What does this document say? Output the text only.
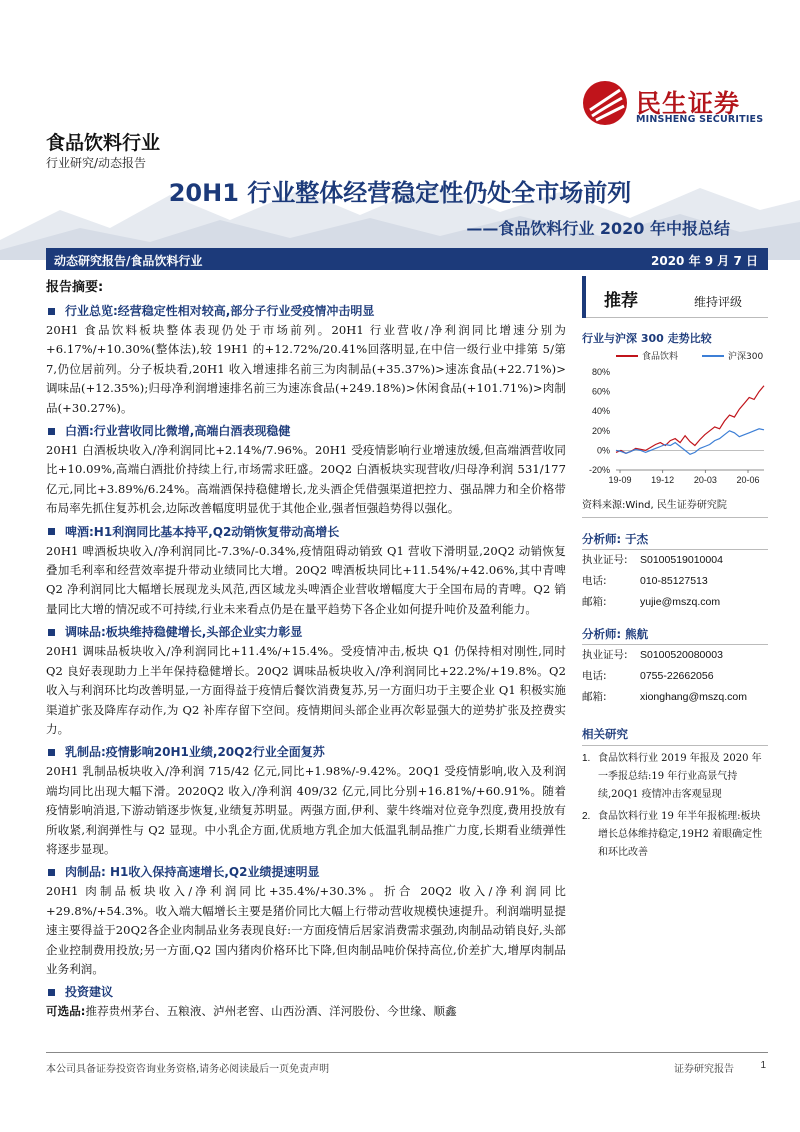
民生证券
MINSHENG SECURITIES
食品饮料行业
行业研究/动态报告
20H1 行业整体经营稳定性仍处全市场前列
——食品饮料行业 2020 年中报总结
动态研究报告/食品饮料行业	2020 年 9 月 7 日
报告摘要:
行业总览:经营稳定性相对较高,部分子行业受疫情冲击明显
20H1 食品饮料板块整体表现仍处于市场前列。20H1 行业营收/净利润同比增速分别为+6.17%/+10.30%(整体法),较 19H1 的+12.72%/20.41%回落明显,在中信一级行业中排第 5/第 7,仍位居前列。分子板块看,20H1 收入增速排名前三为肉制品(+35.37%)>速冻食品(+22.71%)>调味品(+12.35%);归母净利润增速排名前三为速冻食品(+249.18%)>休闲食品(+101.71%)>肉制品(+30.27%)。
白酒:行业营收同比微增,高端白酒表现稳健
20H1 白酒板块收入/净利润同比+2.14%/7.96%。20H1 受疫情影响行业增速放缓,但高端酒营收同比+10.09%,高端白酒批价持续上行,市场需求旺盛。20Q2 白酒板块实现营收/归母净利润 531/177 亿元,同比+3.89%/6.24%。高端酒保持稳健增长,龙头酒企凭借强渠道把控力、强品牌力和全价格带布局率先抓住复苏机会,边际改善幅度明显优于其他企业,强者恒强趋势得以强化。
啤酒:H1利润同比基本持平,Q2动销恢复带动高增长
20H1 啤酒板块收入/净利润同比-7.3%/-0.34%,疫情阻碍动销致 Q1 营收下滑明显,20Q2 动销恢复叠加毛利率和经营效率提升带动业绩同比大增。20Q2 啤酒板块同比+11.54%/+42.06%,其中青啤 Q2 净利润同比大幅增长展现龙头风范,西区域龙头啤酒企业营收增幅度大于全国布局的青啤。Q2 销量同比大增的情况或不可持续,行业未来看点仍是在量平趋势下各企业如何提升吨价及盈利能力。
调味品:板块维持稳健增长,头部企业实力彰显
20H1 调味品板块收入/净利润同比+11.4%/+15.4%。受疫情冲击,板块 Q1 仍保持相对刚性,同时 Q2 良好表现助力上半年保持稳健增长。20Q2 调味品板块收入/净利润同比+22.2%/+19.8%。Q2 收入与利润环比均改善明显,一方面得益于疫情后餐饮消费复苏,另一方面归功于主要企业 Q1 积极实施渠道扩张及降库存动作,为 Q2 补库存留下空间。疫情期间头部企业再次彰显强大的逆势扩张及控费实力。
乳制品:疫情影响20H1业绩,20Q2行业全面复苏
20H1 乳制品板块收入/净利润 715/42 亿元,同比+1.98%/-9.42%。20Q1 受疫情影响,收入及利润端均同比出现大幅下滑。2020Q2 收入/净利润 409/32 亿元,同比分别+16.81%/+60.91%。随着疫情影响消退,下游动销逐步恢复,业绩复苏明显。两强方面,伊利、蒙牛终端对位竞争烈度,费用投放有所收紧,利润弹性与 Q2 显现。中小乳企方面,优质地方乳企加大低温乳制品推广力度,长期看业绩弹性将逐步显现。
肉制品: H1收入保持高速增长,Q2业绩提速明显
20H1 肉制品板块收入/净利润同比+35.4%/+30.3%。折合 20Q2 收入/净利润同比+29.8%/+54.3%。收入端大幅增长主要是猪价同比大幅上行带动营收规模快速提升。利润端明显提速主要得益于20Q2各企业肉制品业务表现良好:一方面疫情后居家消费需求强劲,肉制品动销良好,头部企业控制费用投放;另一方面,Q2 国内猪肉价格环比下降,但肉制品吨价保持高位,价差扩大,增厚肉制品业务利润。
投资建议
可选品:推荐贵州茅台、五粮液、泸州老窖、山西汾酒、洋河股份、今世缘、顺鑫
推荐	维持评级
行业与沪深 300 走势比较
食品饮料	沪深300
80%
60%
40%
20%
0%
-20%
19-09 19-12 20-03 20-06
资料来源:Wind, 民生证券研究院
分析师: 于杰
执业证号:	S0100519010004
电话:	010-85127513
邮箱:	yujie@mszq.com
分析师: 熊航
执业证号:	S0100520080003
电话:	0755-22662056
邮箱:	xionghang@mszq.com
相关研究
1. 食品饮料行业 2019 年报及 2020 年一季报总结:19 年行业高景气持续,20Q1 疫情冲击客观显现
2. 食品饮料行业 19 年半年报梳理:板块增长总体维持稳定,19H2 着眼确定性和环比改善
本公司具备证券投资咨询业务资格,请务必阅读最后一页免责声明	证券研究报告	1
